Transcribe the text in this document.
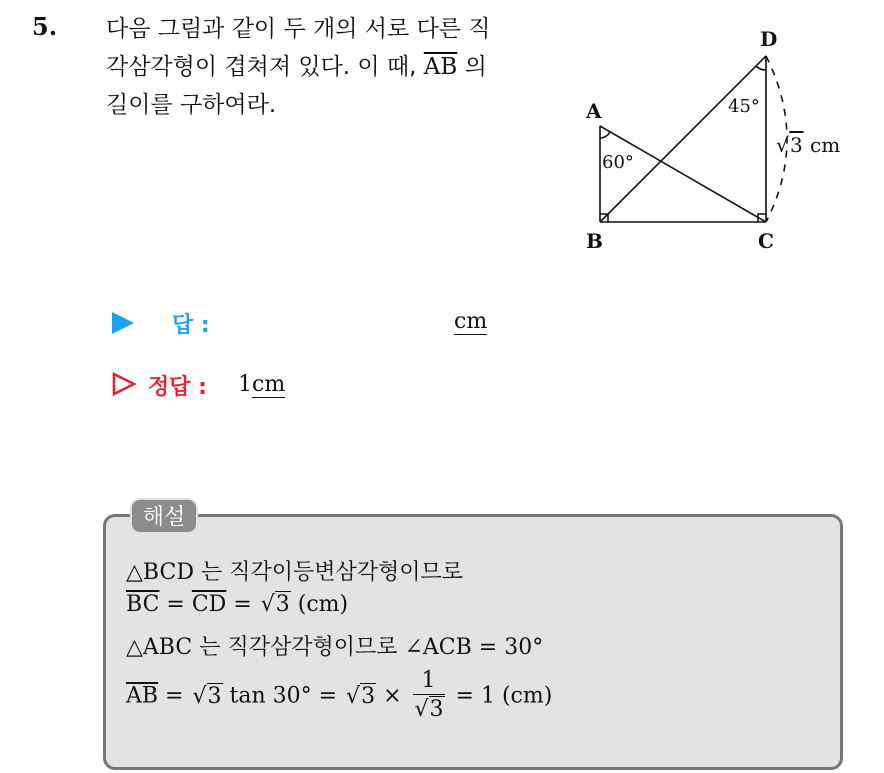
5. 다음 그림과 같이 두 개의 서로 다른 직

각삼각형이 겹쳐져 있다. 이 때, $\overline{AB}$ 의

길이를 구하여라.	A
B	C
D
60°
45°
√ 3 cm
답 :	cm
정답 : 1cm
해설
△BCD 는 직각이등변삼각형이므로
$\overline{BC} = \overline{CD} = √3$ (cm)
△ABC 는 직각삼각형이므로 ∠ACB = 30°
$\overline{AB} = √3$ $\tan 30^\circ = √3 \times \frac{1}{√3} = 1$ (cm)
